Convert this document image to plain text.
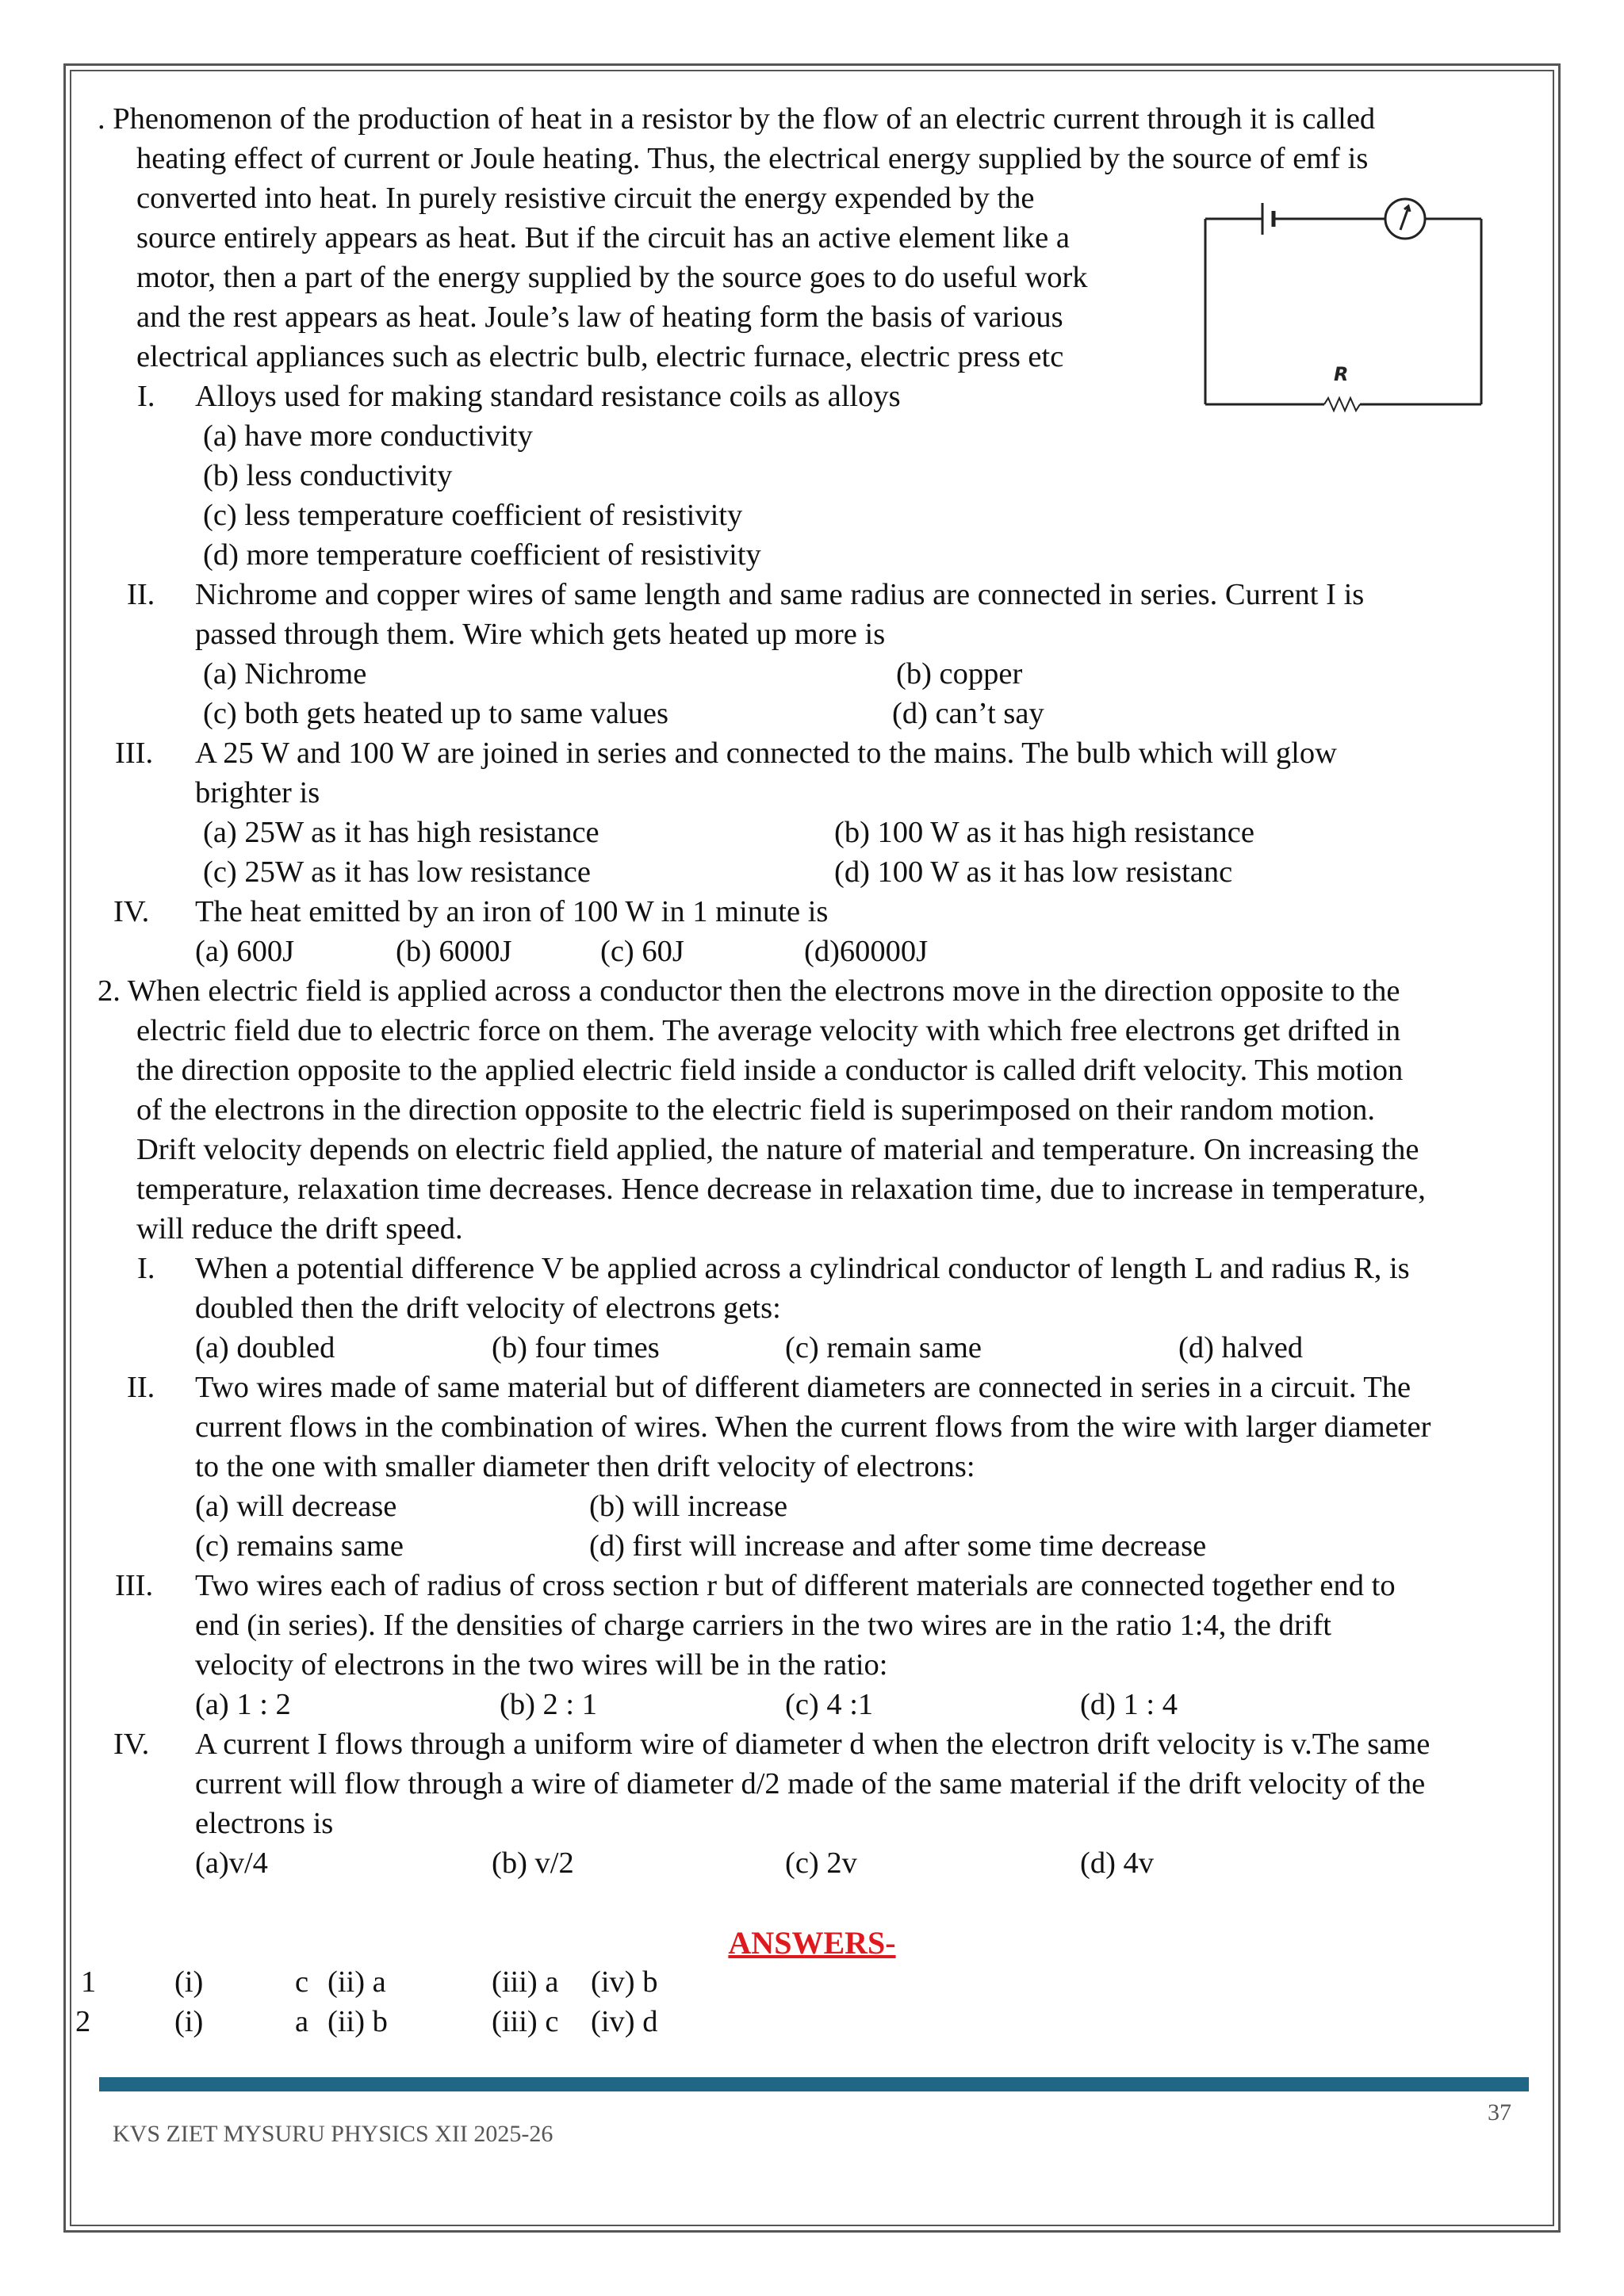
. Phenomenon of the production of heat in a resistor by the flow of an electric current through it is called
heating effect of current or Joule heating. Thus, the electrical energy supplied by the source of emf is
converted into heat. In purely resistive circuit the energy expended by the
source entirely appears as heat. But if the circuit has an active element like a
motor, then a part of the energy supplied by the source goes to do useful work
and the rest appears as heat. Joule’s law of heating form the basis of various
electrical appliances such as electric bulb, electric furnace, electric press etc
R
I. Alloys used for making standard resistance coils as alloys
(a) have more conductivity
(b) less conductivity
(c) less temperature coefficient of resistivity
(d) more temperature coefficient of resistivity
II. Nichrome and copper wires of same length and same radius are connected in series. Current I is
passed through them. Wire which gets heated up more is
(a) Nichrome	(b) copper
(c) both gets heated up to same values	(d) can’t say
III. A 25 W and 100 W are joined in series and connected to the mains. The bulb which will glow
brighter is
(a) 25W as it has high resistance	(b) 100 W as it has high resistance
(c) 25W as it has low resistance	(d) 100 W as it has low resistanc
IV. The heat emitted by an iron of 100 W in 1 minute is
(a) 600J	(b) 6000J	(c) 60J	(d)60000J
2. When electric field is applied across a conductor then the electrons move in the direction opposite to the
electric field due to electric force on them. The average velocity with which free electrons get drifted in
the direction opposite to the applied electric field inside a conductor is called drift velocity. This motion
of the electrons in the direction opposite to the electric field is superimposed on their random motion.
Drift velocity depends on electric field applied, the nature of material and temperature. On increasing the
temperature, relaxation time decreases. Hence decrease in relaxation time, due to increase in temperature,
will reduce the drift speed.
I. When a potential difference V be applied across a cylindrical conductor of length L and radius R, is
doubled then the drift velocity of electrons gets:
(a) doubled	(b) four times	(c) remain same	(d) halved
II. Two wires made of same material but of different diameters are connected in series in a circuit. The
current flows in the combination of wires. When the current flows from the wire with larger diameter
to the one with smaller diameter then drift velocity of electrons:
(a) will decrease	(b) will increase
(c) remains same	(d) first will increase and after some time decrease
III. Two wires each of radius of cross section r but of different materials are connected together end to
end (in series). If the densities of charge carriers in the two wires are in the ratio 1:4, the drift
velocity of electrons in the two wires will be in the ratio:
(a) 1 : 2	(b) 2 : 1	(c) 4 :1	(d) 1 : 4
IV. A current I flows through a uniform wire of diameter d when the electron drift velocity is v.The same
current will flow through a wire of diameter d/2 made of the same material if the drift velocity of the
electrons is
(a)v/4	(b) v/2	(c) 2v	(d) 4v
ANSWERS-
1	(i)	c (ii) a	(iii) a (iv) b
2	(i)	a (ii) b	(iii) c (iv) d
KVS ZIET MYSURU PHYSICS XII 2025-26
37
